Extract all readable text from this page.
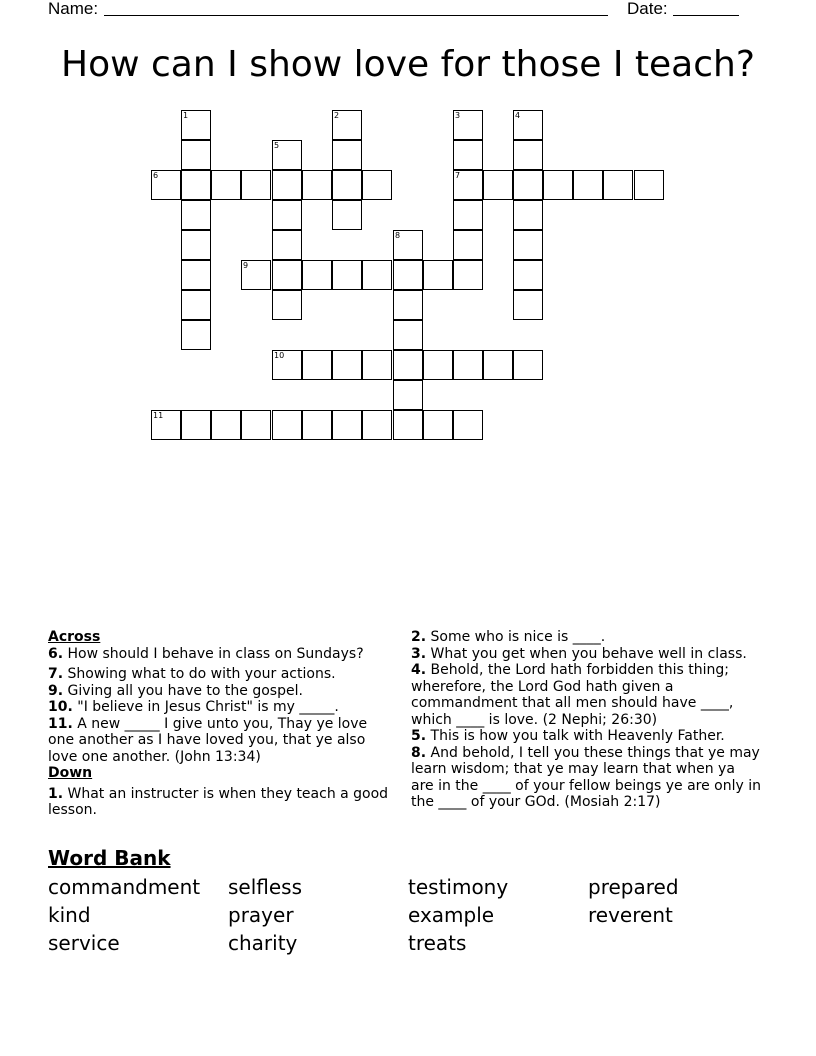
Name:	Date:
How can I show love for those I teach?
1	2	3	4
5
6	7
8
9
10
11
Across

6. How should I behave in class on Sundays?

7. Showing what to do with your actions.

9. Giving all you have to the gospel.

10. "I believe in Jesus Christ" is my _____.

11. A new _____ I give unto you, Thay ye love one another as I have loved you, that ye also love one another. (John 13:34)

Down

1. What an instructer is when they teach a good lesson.

2. Some who is nice is ____.

3. What you get when you behave well in class.

4. Behold, the Lord hath forbidden this thing; wherefore, the Lord God hath given a commandment that all men should have ____, which ____ is love. (2 Nephi; 26:30)

5. This is how you talk with Heavenly Father.

8. And behold, I tell you these things that ye may learn wisdom; that ye may learn that when ya are in the ____ of your fellow beings ye are only in the ____ of your GOd. (Mosiah 2:17)

Word Bank
commandment selfless	testimony	prepared
kind	prayer	example	reverent
service	charity	treats
